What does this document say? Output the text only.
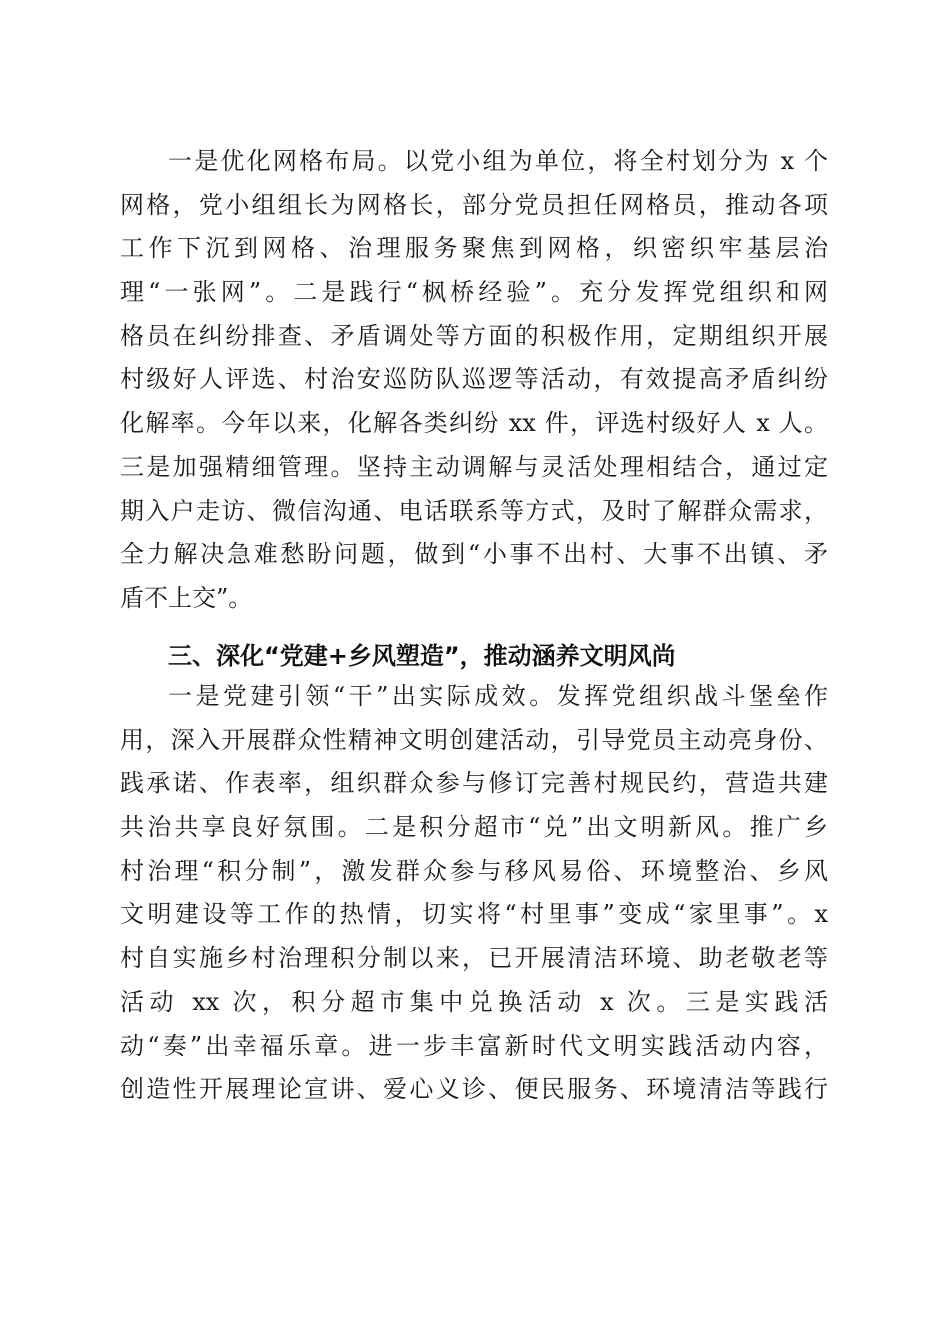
一是优化网格布局。以党小组为单位，将全村划分为 x 个
网格，党小组组长为网格长，部分党员担任网格员，推动各项
工作下沉到网格、治理服务聚焦到网格，织密织牢基层治
理“一张网”。二是践行“枫桥经验”。充分发挥党组织和网
格员在纠纷排查、矛盾调处等方面的积极作用，定期组织开展
村级好人评选、村治安巡防队巡逻等活动，有效提高矛盾纠纷
化解率。今年以来，化解各类纠纷 xx 件，评选村级好人 x 人。
三是加强精细管理。坚持主动调解与灵活处理相结合，通过定
期入户走访、微信沟通、电话联系等方式，及时了解群众需求，
全力解决急难愁盼问题，做到“小事不出村、大事不出镇、矛
盾不上交”。
三、深化“党建+乡风塑造”，推动涵养文明风尚
一是党建引领“干”出实际成效。发挥党组织战斗堡垒作
用，深入开展群众性精神文明创建活动，引导党员主动亮身份、
践承诺、作表率，组织群众参与修订完善村规民约，营造共建
共治共享良好氛围。二是积分超市“兑”出文明新风。推广乡
村治理“积分制”，激发群众参与移风易俗、环境整治、乡风
文明建设等工作的热情，切实将“村里事”变成“家里事”。x
村自实施乡村治理积分制以来，已开展清洁环境、助老敬老等
活动 xx 次，积分超市集中兑换活动 x 次。三是实践活
动“奏”出幸福乐章。进一步丰富新时代文明实践活动内容，
创造性开展理论宣讲、爱心义诊、便民服务、环境清洁等践行
